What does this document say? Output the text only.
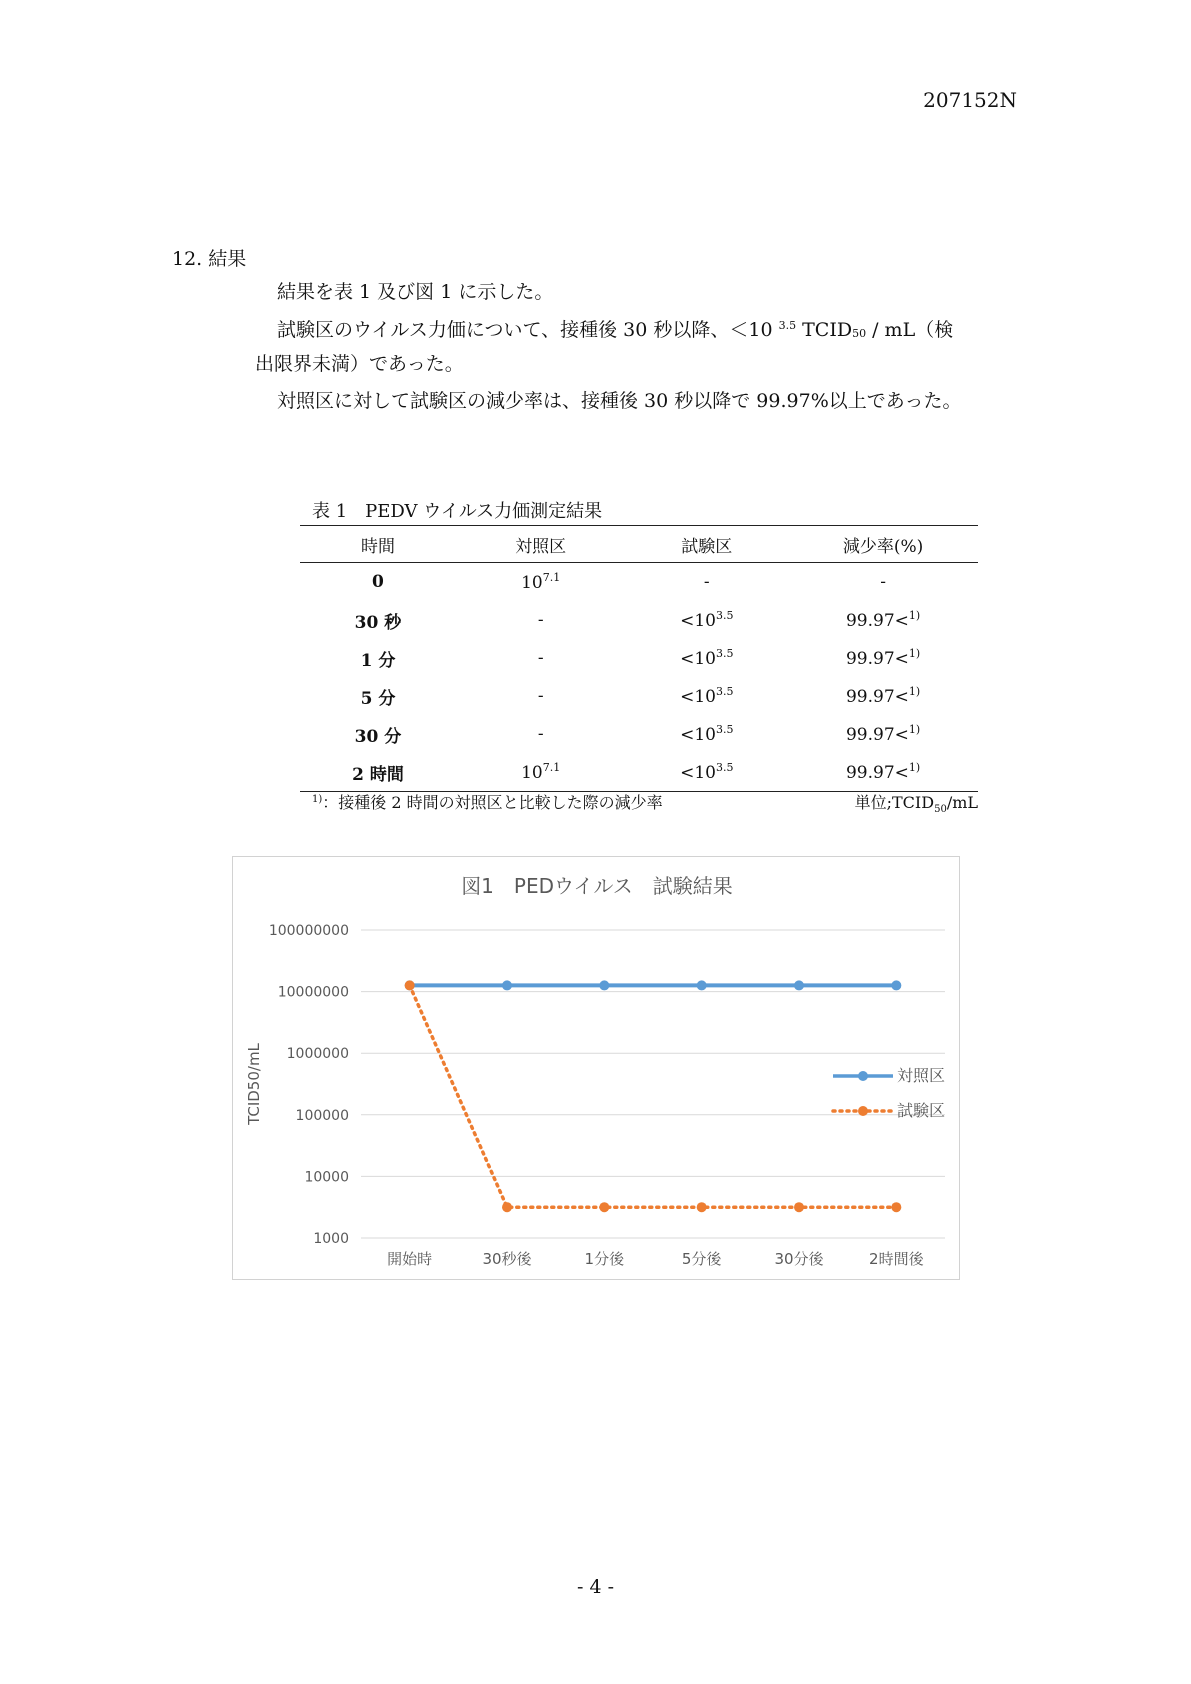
207152N
12. 結果
結果を表 1 及び図 1 に示した。
試験区のウイルス力価について、接種後 30 秒以降、＜10 $^{3.5}$ $TCID_{50} / mL$（検
出限界未満）であった。
対照区に対して試験区の減少率は、接種後 30 秒以降で 99.97%以上であった。
表 1　PEDV ウイルス力価測定結果
時間	対照区	試験区	減少率(%)
0	$10^{7.1}$	-	-
30 秒	-	$<10^{3.5}$	99.97<$^{1)}$
1 分	-	$<10^{3.5}$	99.97<$^{1)}$
5 分	-	$<10^{3.5}$	99.97<$^{1)}$
30 分	-	$<10^{3.5}$	99.97<$^{1)}$
2 時間	$10^{7.1}$	$<10^{3.5}$	99.97<$^{1)}$
$^{1)}$：接種後 2 時間の対照区と比較した際の減少率	単位$;TCID_{50}/mL$
図1　PEDウイルス　試験結果
100000000
10000000
1000000
100000
10000
1000
TCID50/mL
開始時	30秒後	1分後	5分後	30分後	2時間後
対照区
試験区
- 4 -
